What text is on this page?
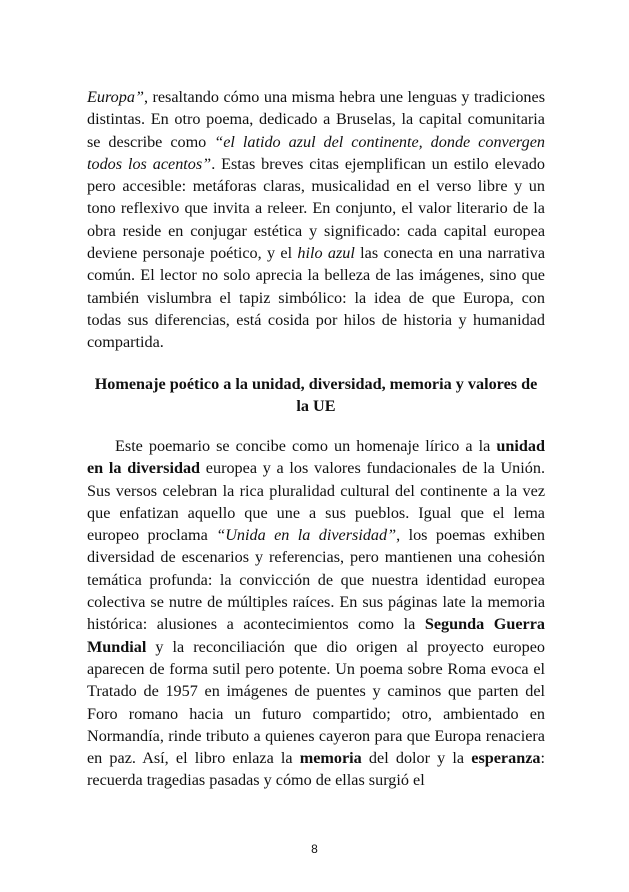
Europa”, resaltando cómo una misma hebra une lenguas y tradiciones distintas. En otro poema, dedicado a Bruselas, la capital comunitaria se describe como “el latido azul del continente, donde convergen todos los acentos”. Estas breves citas ejemplifican un estilo elevado pero accesible: metáforas claras, musicalidad en el verso libre y un tono reflexivo que invita a releer. En conjunto, el valor literario de la obra reside en conjugar estética y significado: cada capital europea deviene personaje poético, y el hilo azul las conecta en una narrativa común. El lector no solo aprecia la belleza de las imágenes, sino que también vislumbra el tapiz simbólico: la idea de que Europa, con todas sus diferencias, está cosida por hilos de historia y humanidad compartida.
Homenaje poético a la unidad, diversidad, memoria y valores de la UE
Este poemario se concibe como un homenaje lírico a la unidad en la diversidad europea y a los valores fundacionales de la Unión. Sus versos celebran la rica pluralidad cultural del continente a la vez que enfatizan aquello que une a sus pueblos. Igual que el lema europeo proclama “Unida en la diversidad”, los poemas exhiben diversidad de escenarios y referencias, pero mantienen una cohesión temática profunda: la convicción de que nuestra identidad europea colectiva se nutre de múltiples raíces. En sus páginas late la memoria histórica: alusiones a acontecimientos como la Segunda Guerra Mundial y la reconciliación que dio origen al proyecto europeo aparecen de forma sutil pero potente. Un poema sobre Roma evoca el Tratado de 1957 en imágenes de puentes y caminos que parten del Foro romano hacia un futuro compartido; otro, ambientado en Normandía, rinde tributo a quienes cayeron para que Europa renaciera en paz. Así, el libro enlaza la memoria del dolor y la esperanza: recuerda tragedias pasadas y cómo de ellas surgió el
8
